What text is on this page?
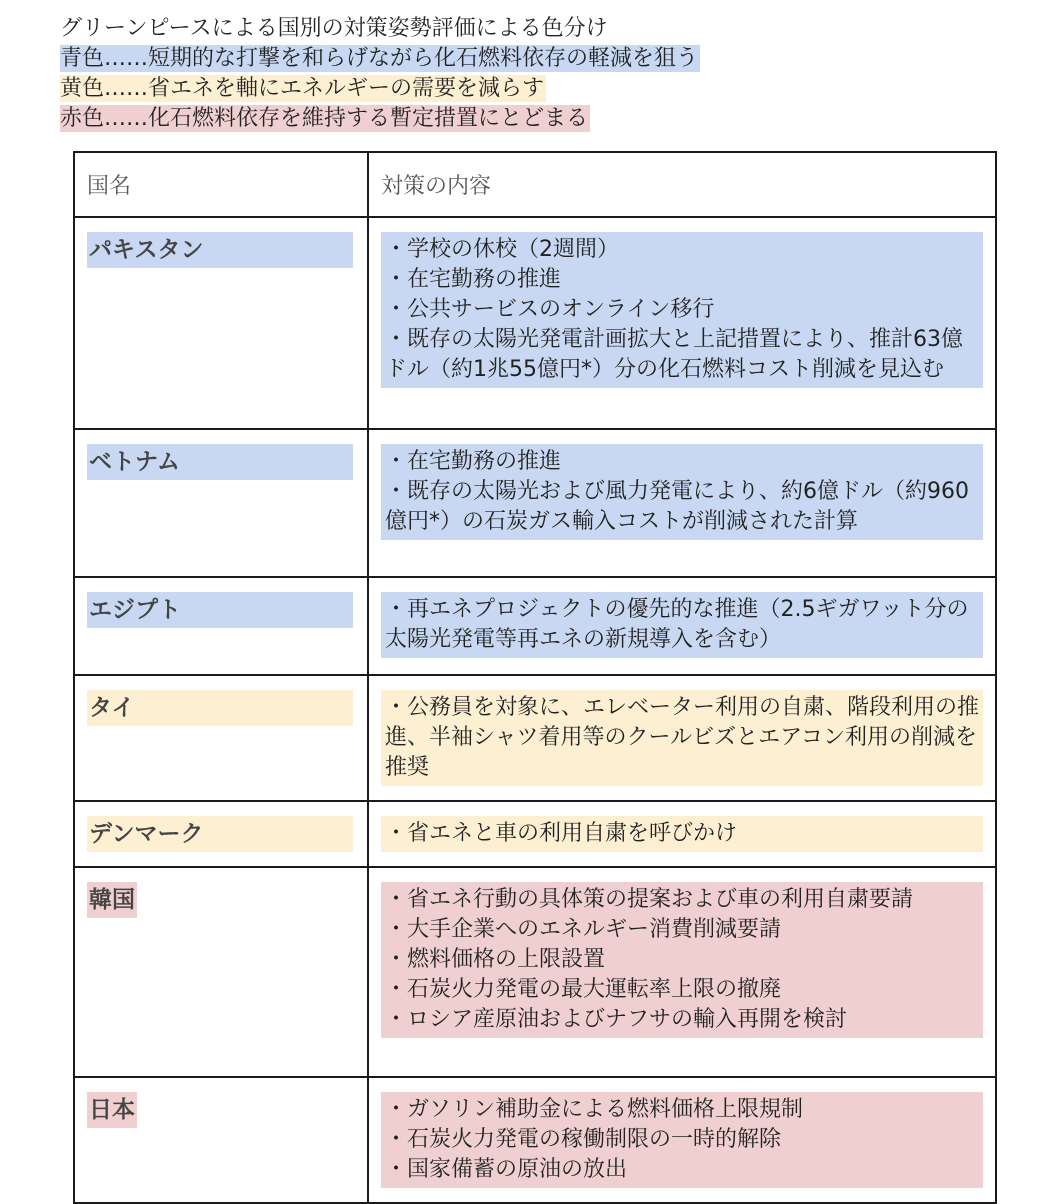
グリーンピースによる国別の対策姿勢評価による色分け
青色……短期的な打撃を和らげながら化石燃料依存の軽減を狙う
黄色……省エネを軸にエネルギーの需要を減らす
赤色……化石燃料依存を維持する暫定措置にとどまる
国名	対策の内容

パキスタン	・学校の休校（2週間）
・在宅勤務の推進
・公共サービスのオンライン移行
・既存の太陽光発電計画拡大と上記措置により、推計63億ドル（約1兆55億円*）分の化石燃料コスト削減を見込む

ベトナム	・在宅勤務の推進
・既存の太陽光および風力発電により、約6億ドル（約960億円*）の石炭ガス輸入コストが削減された計算

エジプト	・再エネプロジェクトの優先的な推進（2.5ギガワット分の太陽光発電等再エネの新規導入を含む）

タイ	・公務員を対象に、エレベーター利用の自粛、階段利用の推進、半袖シャツ着用等のクールビズとエアコン利用の削減を推奨

デンマーク	・省エネと車の利用自粛を呼びかけ

韓国	・省エネ行動の具体策の提案および車の利用自粛要請
・大手企業へのエネルギー消費削減要請
・燃料価格の上限設置
・石炭火力発電の最大運転率上限の撤廃
・ロシア産原油およびナフサの輸入再開を検討

日本	・ガソリン補助金による燃料価格上限規制
・石炭火力発電の稼働制限の一時的解除
・国家備蓄の原油の放出
